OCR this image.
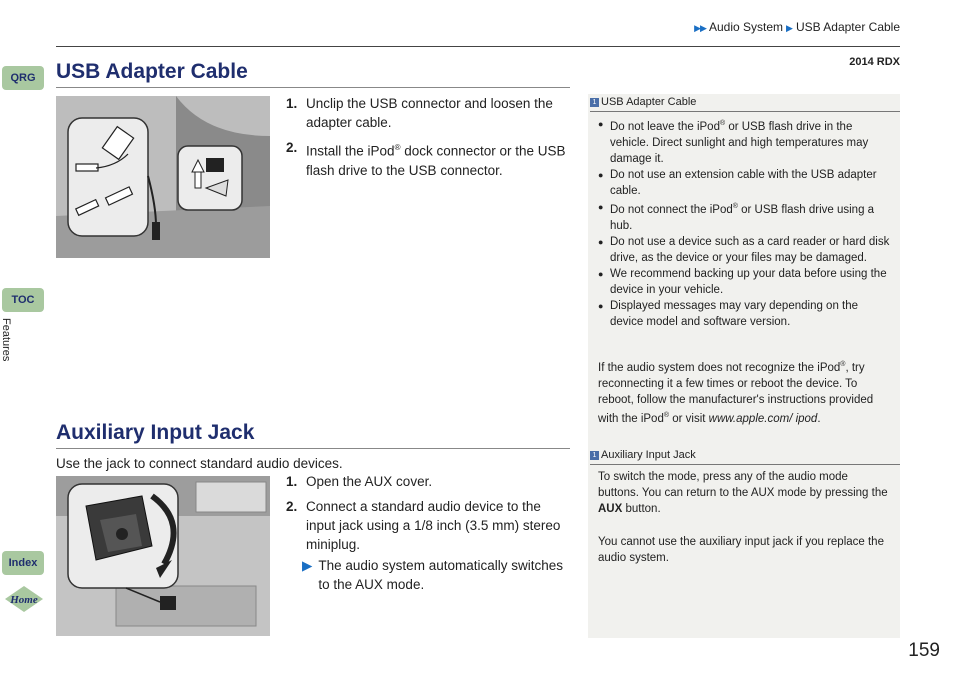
▶▶ Audio System ▶ USB Adapter Cable
2014 RDX
QRG
TOC
Features
Index
Home
USB Adapter Cable
1. Unclip the USB connector and loosen the adapter cable.
2. Install the iPod® dock connector or the USB flash drive to the USB connector.
Auxiliary Input Jack
Use the jack to connect standard audio devices.
1. Open the AUX cover.
2. Connect a standard audio device to the input jack using a 1/8 inch (3.5 mm) stereo miniplug.
▶ The audio system automatically switches to the AUX mode.
1 USB Adapter Cable
● Do not leave the iPod® or USB flash drive in the vehicle. Direct sunlight and high temperatures may damage it.
● Do not use an extension cable with the USB adapter cable.
● Do not connect the iPod® or USB flash drive using a hub.
● Do not use a device such as a card reader or hard disk drive, as the device or your files may be damaged.
● We recommend backing up your data before using the device in your vehicle.
● Displayed messages may vary depending on the device model and software version.
If the audio system does not recognize the iPod®, try reconnecting it a few times or reboot the device. To reboot, follow the manufacturer's instructions provided with the iPod® or visit www.apple.com/ ipod.
1 Auxiliary Input Jack
To switch the mode, press any of the audio mode buttons. You can return to the AUX mode by pressing the AUX button.
You cannot use the auxiliary input jack if you replace the audio system.
159
